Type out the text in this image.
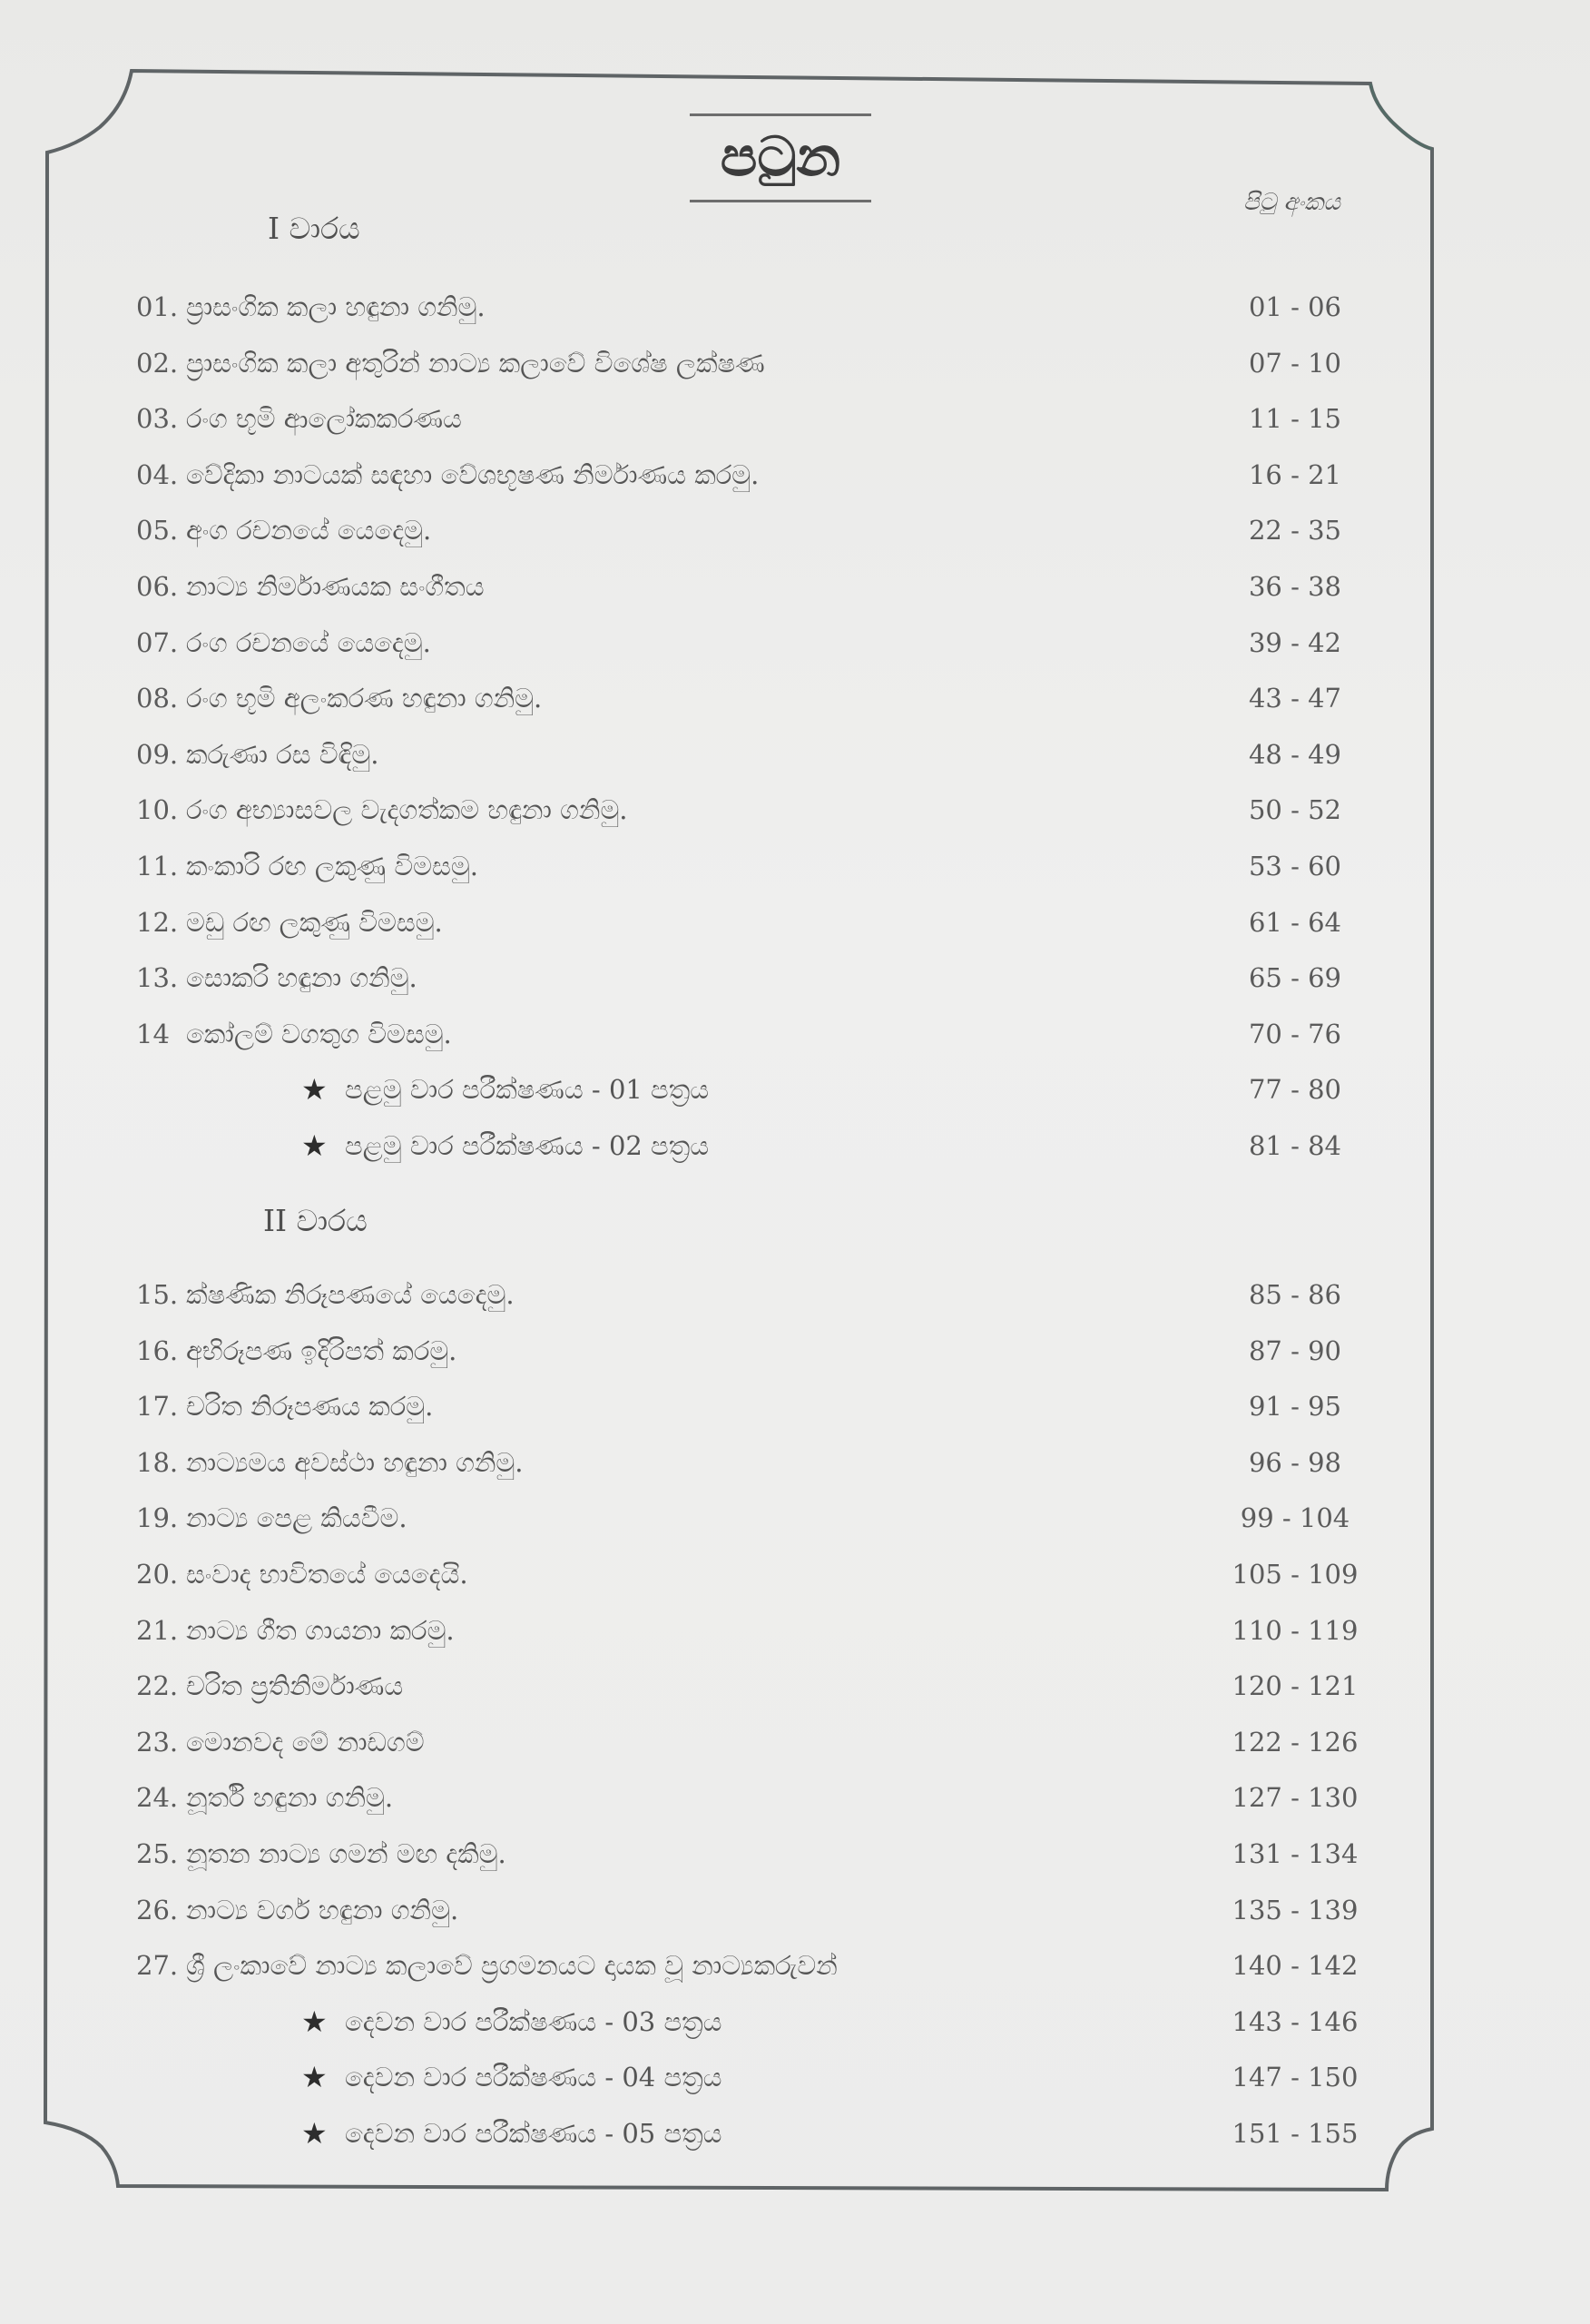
පටුන
පිටු අංකය
I වාරය
01. ප්‍රාසංගික කලා හඳුනා ගනිමු.	01 - 06
02. ප්‍රාසංගික කලා අතුරින් නාට්‍ය කලාවේ විශේෂ ලක්ෂණ	07 - 10
03. රංග භූමි ආලෝකකරණය	11 - 15
04. වේදිකා නාටයක් සඳහා වේශභූෂණ නිර්මාණය කරමු.	16 - 21
05. අංග රචනයේ යෙදෙමු.	22 - 35
06. නාට්‍ය නිර්මාණයක සංගීතය	36 - 38
07. රංග රචනයේ යෙදෙමු.	39 - 42
08. රංග භූමි අලංකරණ හඳුනා ගනිමු.	43 - 47
09. කරුණා රස විඳිමු.	48 - 49
10. රංග අභ්‍යාසවල වැදගත්කම හඳුනා ගනිමු.	50 - 52
11. කංකාරි රඟ ලකුණු විමසමු.	53 - 60
12. මඩු රඟ ලකුණු විමසමු.	61 - 64
13. සොකරි හඳුනා ගනිමු.	65 - 69
14 කෝලම් වගතුග විමසමු.	70 - 76
★ පළමු වාර පරීක්ෂණය - 01 පත්‍රය	77 - 80
★ පළමු වාර පරීක්ෂණය - 02 පත්‍රය	81 - 84
II වාරය
15. ක්ෂණික නිරූපණයේ යෙදෙමු.	85 - 86
16. අභිරූපණ ඉදිරිපත් කරමු.	87 - 90
17. චරිත නිරූපණය කරමු.	91 - 95
18. නාට්‍යමය අවස්ථා හඳුනා ගනිමු.	96 - 98
19. නාට්‍ය පෙළ කියවීම.	99 - 104
20. සංවාද භාවිතයේ යෙදෙයි.	105 - 109
21. නාට්‍ය ගීත ගායනා කරමු.	110 - 119
22. චරිත ප්‍රතිනිර්මාණය	120 - 121
23. මොනවද මේ නාඩගම්	122 - 126
24. නූර්ති හඳුනා ගනිමු.	127 - 130
25. නූතන නාට්‍ය ගමන් මඟ දකිමු.	131 - 134
26. නාට්‍ය වර්ග හඳුනා ගනිමු.	135 - 139
27. ශ්‍රී ලංකාවේ නාට්‍ය කලාවේ ප්‍රගමනයට දායක වූ නාට්‍යකරුවන්	140 - 142
★ දෙවන වාර පරීක්ෂණය - 03 පත්‍රය	143 - 146
★ දෙවන වාර පරීක්ෂණය - 04 පත්‍රය	147 - 150
★ දෙවන වාර පරීක්ෂණය - 05 පත්‍රය	151 - 155
